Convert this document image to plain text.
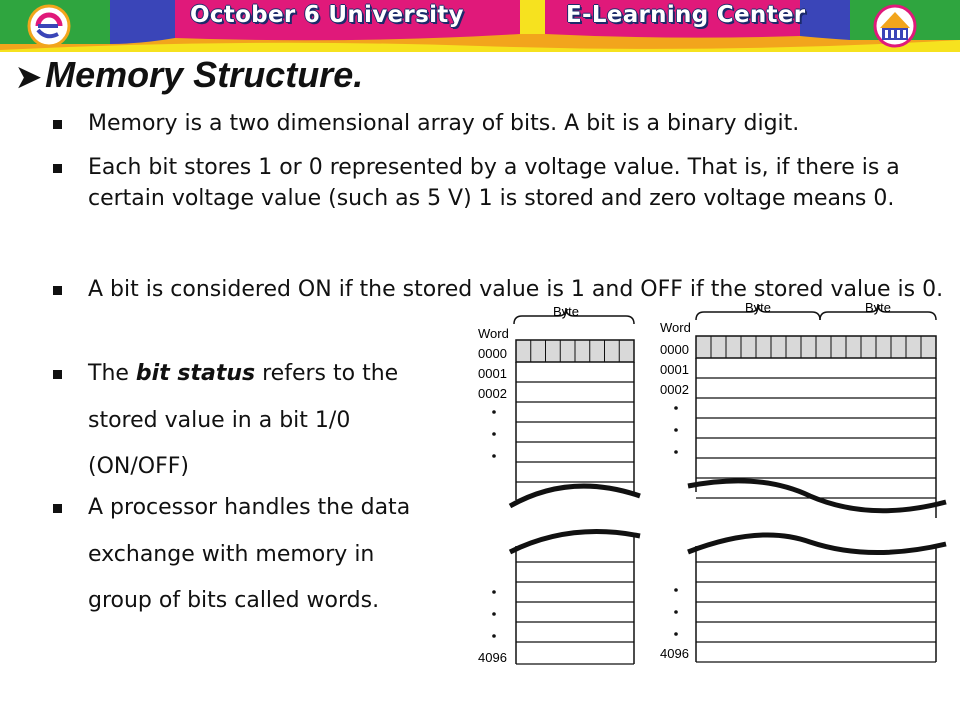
October 6 University	E-Learning Center
➤ Memory Structure.
Memory is a two dimensional array of bits. A bit is a binary digit.
Each bit stores 1 or 0 represented by a voltage value. That is, if there is a certain voltage value (such as 5 V) 1 is stored and zero voltage means 0.
A bit is considered ON if the stored value is 1 and OFF if the stored value is 0.
The bit status refers to the
stored value in a bit 1/0
(ON/OFF)
A processor handles the data
exchange with memory in
group of bits called words.
Byte
Word
0000
0001
0002
4096
Byte	Byte
Word
0000
0001
0002
4096
